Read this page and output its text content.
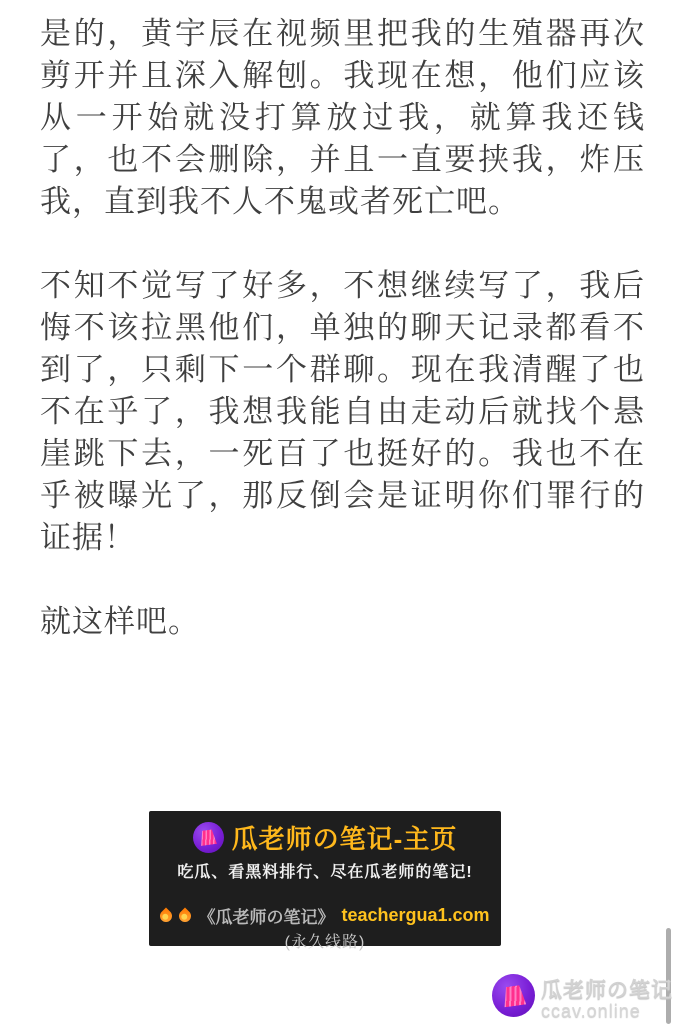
是的，黄宇辰在视频里把我的生殖器再次剪开并且深入解刨。我现在想，他们应该从一开始就没打算放过我，就算我还钱了，也不会删除，并且一直要挟我，炸压我，直到我不人不鬼或者死亡吧。

不知不觉写了好多，不想继续写了，我后悔不该拉黑他们，单独的聊天记录都看不到了，只剩下一个群聊。现在我清醒了也不在乎了，我想我能自由走动后就找个悬崖跳下去，一死百了也挺好的。我也不在乎被曝光了，那反倒会是证明你们罪行的证据！

就这样吧。

瓜老师の笔记-主页
吃瓜、看黑料排行、尽在瓜老师的笔记!
《瓜老师の笔记》 teachergua1.com
(永久线路)
瓜老师の笔记
ccav.online
